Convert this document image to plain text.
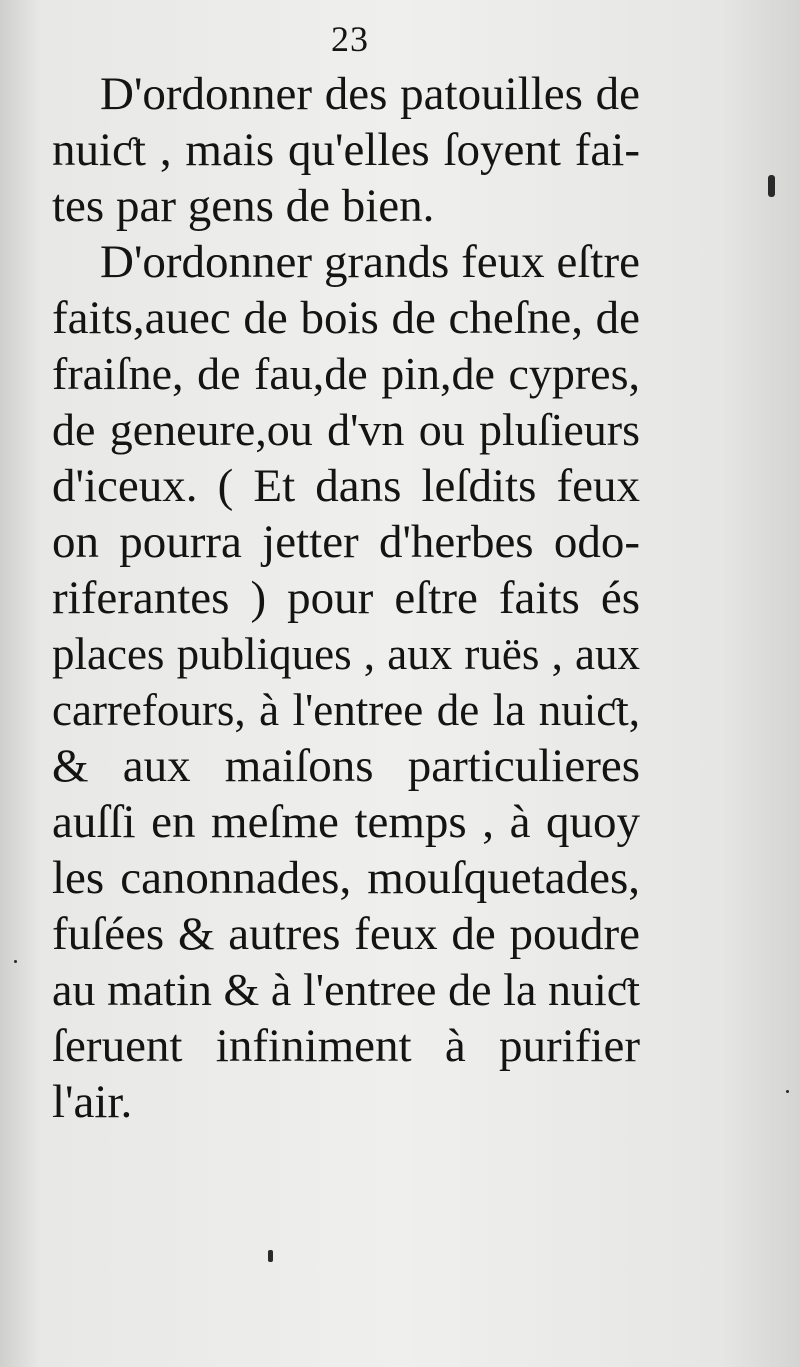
23
D'ordonner des patouilles de
nuiƈt , mais qu'elles ſoyent fai-
tes par gens de bien.
D'ordonner grands feux eſtre
faits,auec de bois de cheſne, de
fraiſne, de fau,de pin,de cypres,
de geneure,ou d'vn ou pluſieurs
d'iceux. ( Et dans leſdits feux
on pourra jetter d'herbes odo-
riferantes ) pour eſtre faits és
places publiques , aux ruës , aux
carrefours, à l'entree de la nuiƈt,
& aux maiſons particulieres
auſſi en meſme temps , à quoy
les canonnades, mouſquetades,
fuſées & autres feux de poudre
au matin & à l'entree de la nuiƈt
ſeruent infiniment à purifier
l'air.
